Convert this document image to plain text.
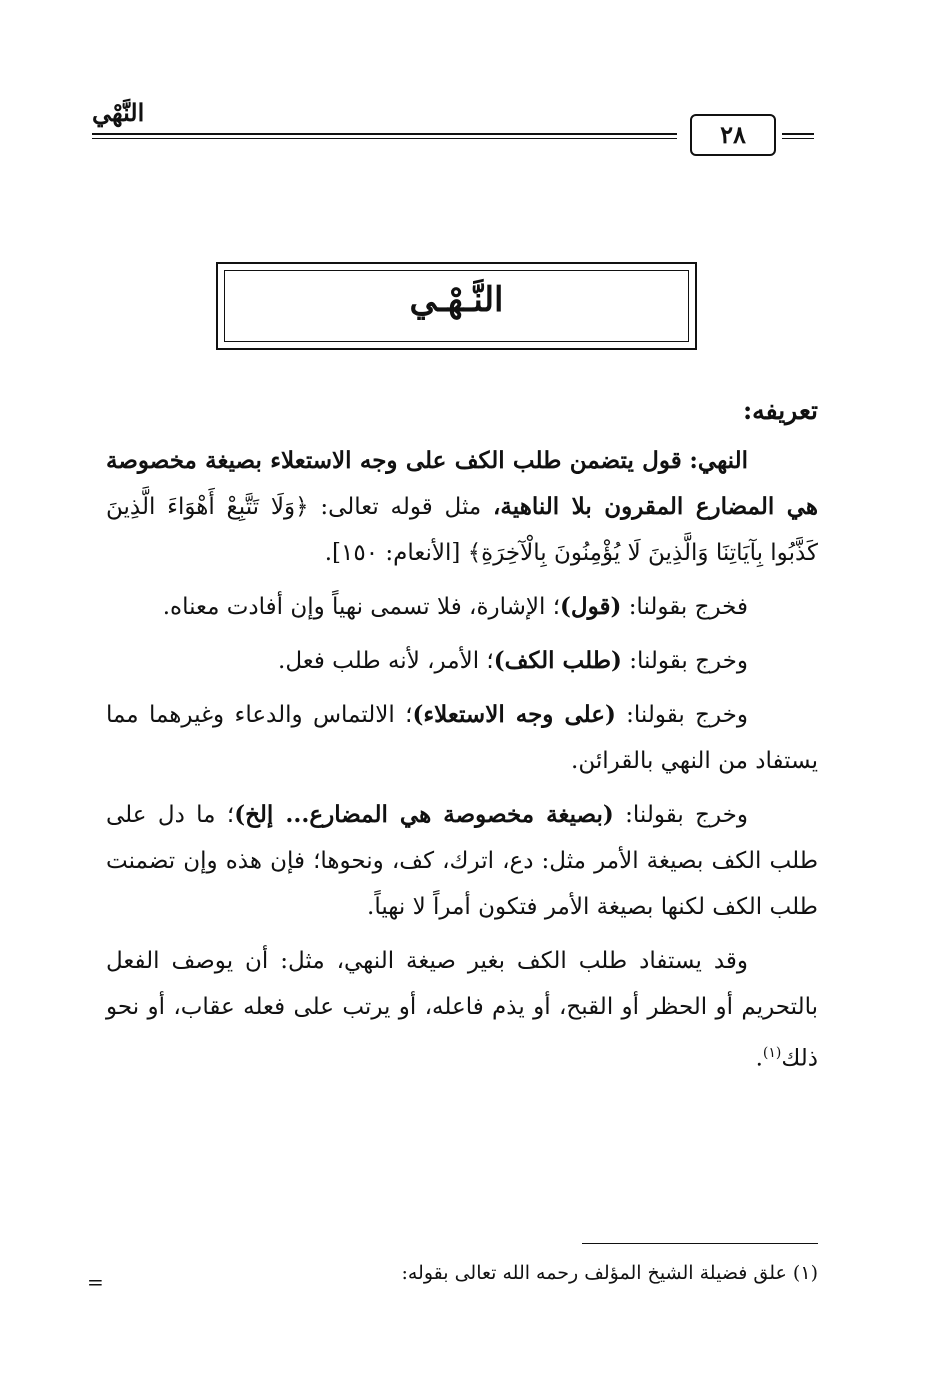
النَّهْي
٢٨
النَّـهْـي

تعريفه:

النهي: قول يتضمن طلب الكف على وجه الاستعلاء بصيغة مخصوصة هي المضارع المقرون بلا الناهية، مثل قوله تعالى: ﴿وَلَا تَتَّبِعْ أَهْوَاءَ الَّذِينَ كَذَّبُوا بِآيَاتِنَا وَالَّذِينَ لَا يُؤْمِنُونَ بِالْآخِرَةِ﴾ [الأنعام: ١٥٠].

فخرج بقولنا: (قول)؛ الإشارة، فلا تسمى نهياً وإن أفادت معناه.

وخرج بقولنا: (طلب الكف)؛ الأمر، لأنه طلب فعل.

وخرج بقولنا: (على وجه الاستعلاء)؛ الالتماس والدعاء وغيرهما مما يستفاد من النهي بالقرائن.

وخرج بقولنا: (بصيغة مخصوصة هي المضارع... إلخ)؛ ما دل على طلب الكف بصيغة الأمر مثل: دع، اترك، كف، ونحوها؛ فإن هذه وإن تضمنت طلب الكف لكنها بصيغة الأمر فتكون أمراً لا نهياً.

وقد يستفاد طلب الكف بغير صيغة النهي، مثل: أن يوصف الفعل بالتحريم أو الحظر أو القبح، أو يذم فاعله، أو يرتب على فعله عقاب، أو نحو ذلك$^{(١)}$.

(١) علق فضيلة الشيخ المؤلف رحمه الله تعالى بقوله:
=
